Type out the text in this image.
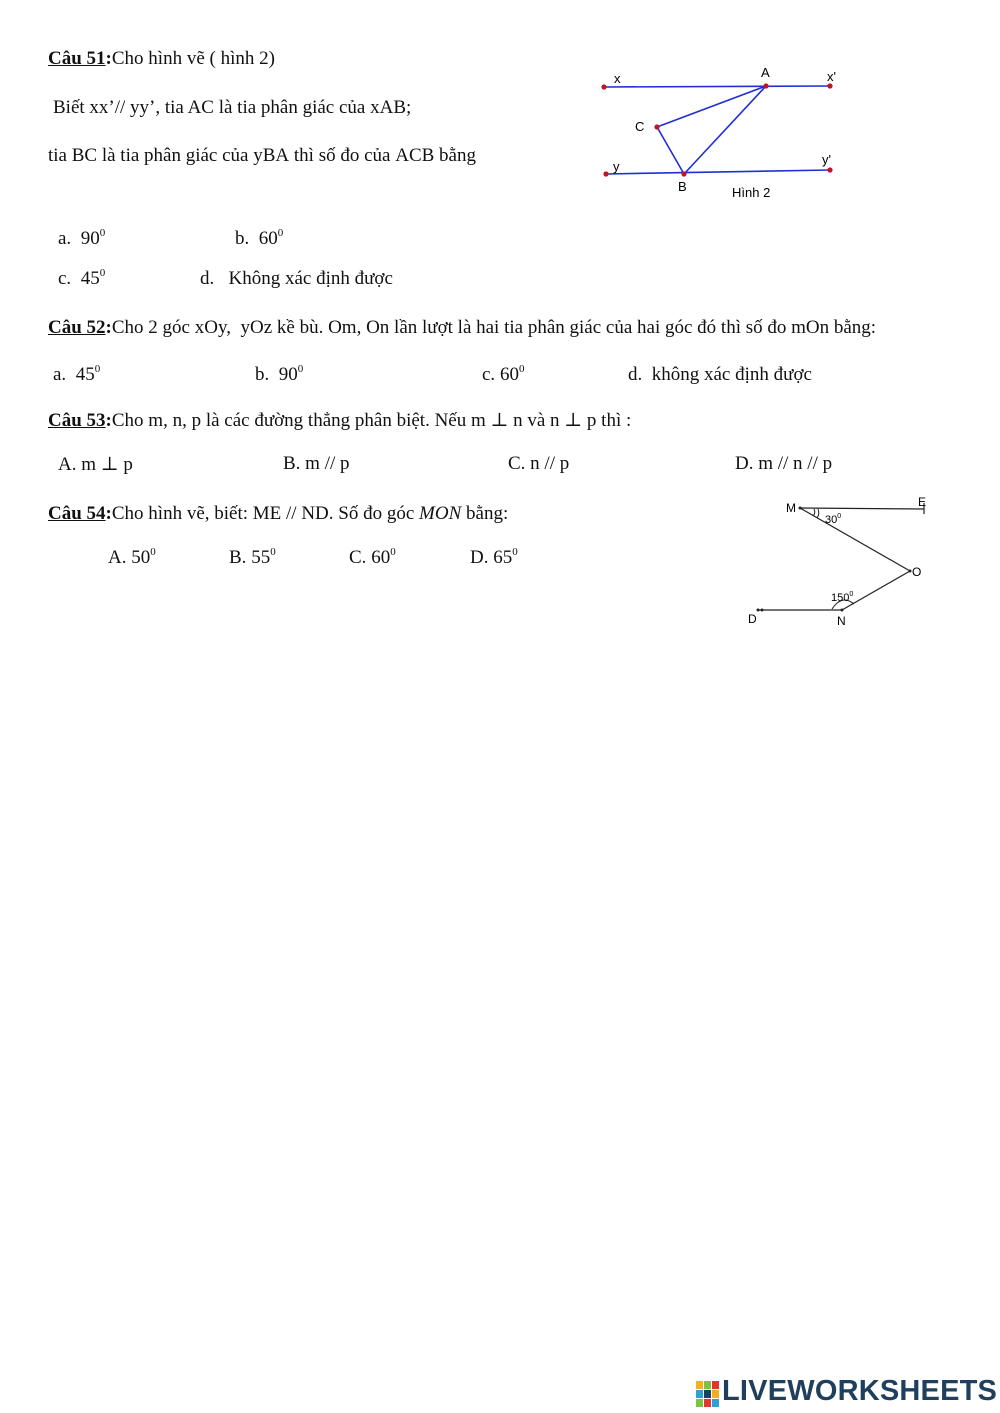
Câu 51:Cho hình vẽ ( hình 2)
Biết xx’// yy’, tia AC là tia phân giác của xAB;
tia BC là tia phân giác của yBA thì số đo của ACB bằng
x	A	x'
C
y
B
y'
Hình 2
a. $90^0$	b. $60^0$
c. $45^0$	d. Không xác định được
Câu 52:Cho 2 góc xOy, yOz kề bù. Om, On lần lượt là hai tia phân giác của hai góc đó thì số đo mOn bằng:
a. $45^0$	b. $90^0$	c. $60^0$	d. không xác định được
Câu 53:Cho m, n, p là các đường thẳng phân biệt. Nếu m ⊥ n và n ⊥ p thì :
A. m ⊥ p	B. m // p	C. n // p	D. m // n // p
Câu 54:Cho hình vẽ, biết: ME // ND. Số đo góc MON bằng:
A. $50^0$	B. $55^0$	C. $60^0$	D. $65^0$
M	E
O
D	N
$30^0$
$150^0$
LIVEWORKSHEETS
